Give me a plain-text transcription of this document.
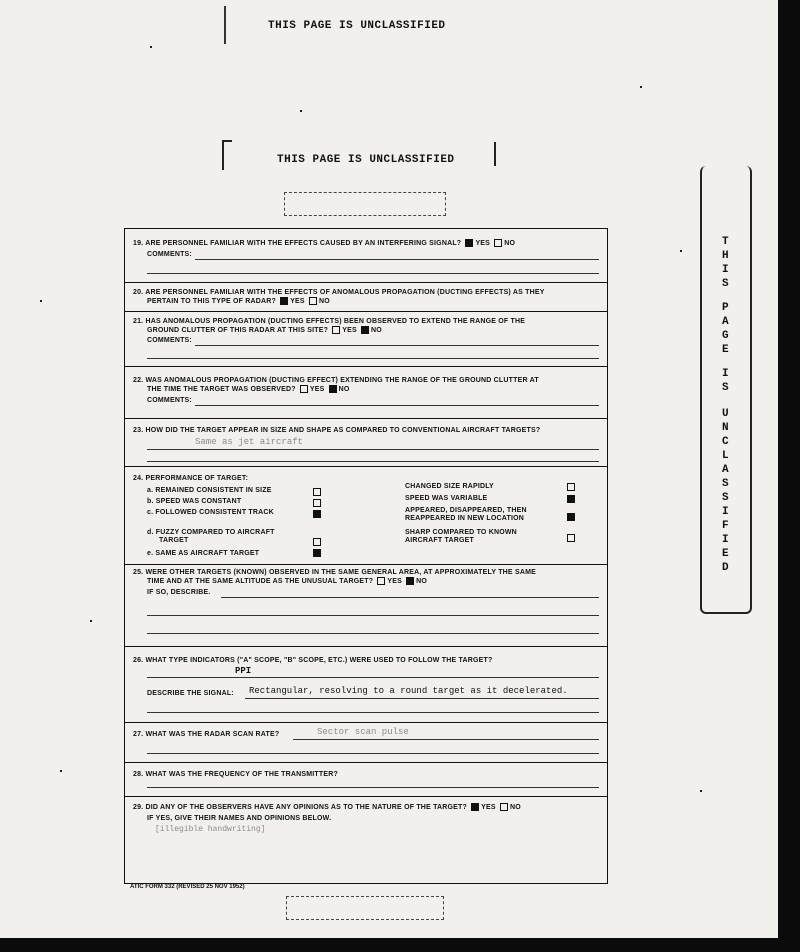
THIS PAGE IS UNCLASSIFIED
THIS PAGE IS UNCLASSIFIED
T
H
I
S
P
A
G
E
I
S
U
N
C
L
A
S
S
I
F
I
E
D
19. ARE PERSONNEL FAMILIAR WITH THE EFFECTS CAUSED BY AN INTERFERING SIGNAL? YES NO
COMMENTS:
20. ARE PERSONNEL FAMILIAR WITH THE EFFECTS OF ANOMALOUS PROPAGATION (DUCTING EFFECTS) AS THEY
PERTAIN TO THIS TYPE OF RADAR? YES NO
21. HAS ANOMALOUS PROPAGATION (DUCTING EFFECTS) BEEN OBSERVED TO EXTEND THE RANGE OF THE
GROUND CLUTTER OF THIS RADAR AT THIS SITE? YES NO
COMMENTS:
22. WAS ANOMALOUS PROPAGATION (DUCTING EFFECT) EXTENDING THE RANGE OF THE GROUND CLUTTER AT
THE TIME THE TARGET WAS OBSERVED? YES NO
COMMENTS:
23. HOW DID THE TARGET APPEAR IN SIZE AND SHAPE AS COMPARED TO CONVENTIONAL AIRCRAFT TARGETS?
Same as jet aircraft
24. PERFORMANCE OF TARGET:
a. REMAINED CONSISTENT IN SIZE
b. SPEED WAS CONSTANT
c. FOLLOWED CONSISTENT TRACK
d. FUZZY COMPARED TO AIRCRAFT
TARGET
e. SAME AS AIRCRAFT TARGET
CHANGED SIZE RAPIDLY
SPEED WAS VARIABLE
APPEARED, DISAPPEARED, THEN
REAPPEARED IN NEW LOCATION
SHARP COMPARED TO KNOWN
AIRCRAFT TARGET
25. WERE OTHER TARGETS (KNOWN) OBSERVED IN THE SAME GENERAL AREA, AT APPROXIMATELY THE SAME
TIME AND AT THE SAME ALTITUDE AS THE UNUSUAL TARGET? YES NO
IF SO, DESCRIBE.
26. WHAT TYPE INDICATORS ("A" SCOPE, "B" SCOPE, ETC.) WERE USED TO FOLLOW THE TARGET?
PPI
DESCRIBE THE SIGNAL: Rectangular, resolving to a round target as it decelerated.
27. WHAT WAS THE RADAR SCAN RATE?	Sector scan pulse
28. WHAT WAS THE FREQUENCY OF THE TRANSMITTER?
29. DID ANY OF THE OBSERVERS HAVE ANY OPINIONS AS TO THE NATURE OF THE TARGET? YES NO
IF YES, GIVE THEIR NAMES AND OPINIONS BELOW.
[illegible handwriting]
ATIC FORM 332 (REVISED 25 NOV 1952)
